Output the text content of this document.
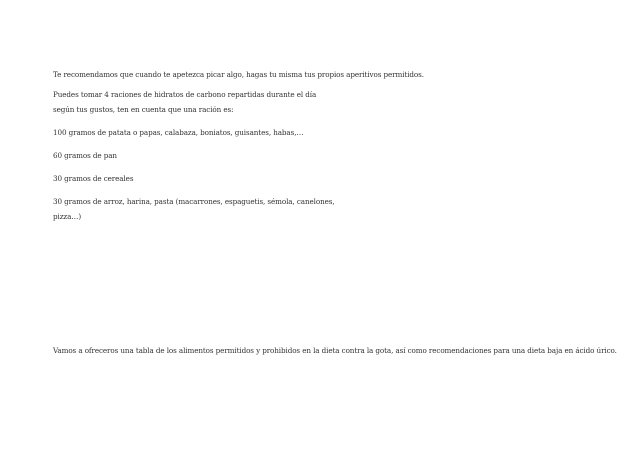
Te recomendamos que cuando te apetezca picar algo, hagas tu misma tus propios aperitivos permitidos.
Puedes tomar 4 raciones de hidratos de carbono repartidas durante el día
según tus gustos, ten en cuenta que una ración es:
100 gramos de patata o papas, calabaza, boniatos, guisantes, habas,…
60 gramos de pan
30 gramos de cereales
30 gramos de arroz, harina, pasta (macarrones, espaguetis, sémola, canelones,
pizza…)
Vamos a ofreceros una tabla de los alimentos permitidos y prohibidos en la dieta contra la gota, así como recomendaciones para una dieta baja en ácido úrico.
